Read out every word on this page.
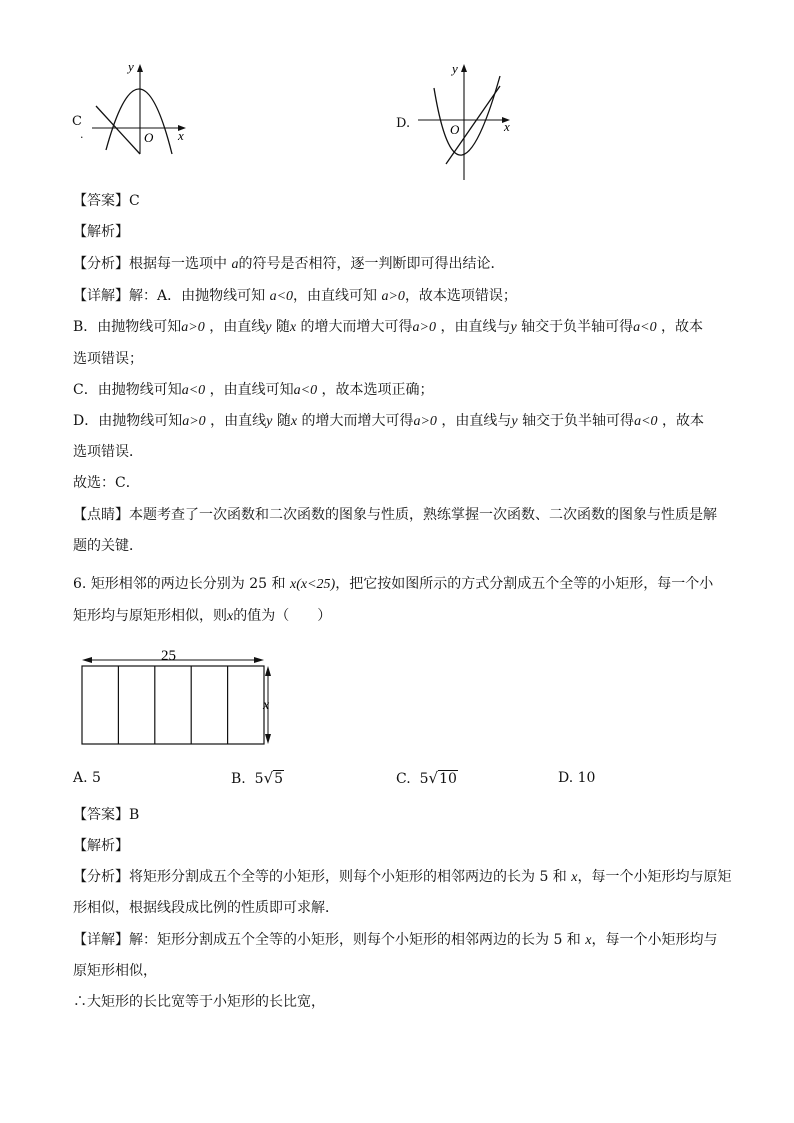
C
.
y
x
O
D.
y
x
O
【答案】C
【解析】
【分析】根据每一选项中 a的符号是否相符，逐一判断即可得出结论．
【详解】解：A．由抛物线可知 a<0，由直线可知 a>0，故本选项错误；
B．由抛物线可知a>0 ，由直线y 随x 的增大而增大可得a>0 ，由直线与y 轴交于负半轴可得a<0 ，故本
选项错误；
C．由抛物线可知a<0 ，由直线可知a<0 ，故本选项正确；
D．由抛物线可知a>0 ，由直线y 随x 的增大而增大可得a>0 ，由直线与y 轴交于负半轴可得a<0 ，故本
选项错误．
故选：C．
【点睛】本题考查了一次函数和二次函数的图象与性质，熟练掌握一次函数、二次函数的图象与性质是解
题的关键．
6. 矩形相邻的两边长分别为 25 和 x(x<25)，把它按如图所示的方式分割成五个全等的小矩形，每一个小
矩形均与原矩形相似，则x的值为（　　）
25
x
A. 5	B. 5√5	C. 5√10	D. 10
【答案】B
【解析】
【分析】将矩形分割成五个全等的小矩形，则每个小矩形的相邻两边的长为 5 和 x，每一个小矩形均与原矩
形相似，根据线段成比例的性质即可求解．
【详解】解：矩形分割成五个全等的小矩形，则每个小矩形的相邻两边的长为 5 和 x，每一个小矩形均与
原矩形相似，
∴大矩形的长比宽等于小矩形的长比宽，
